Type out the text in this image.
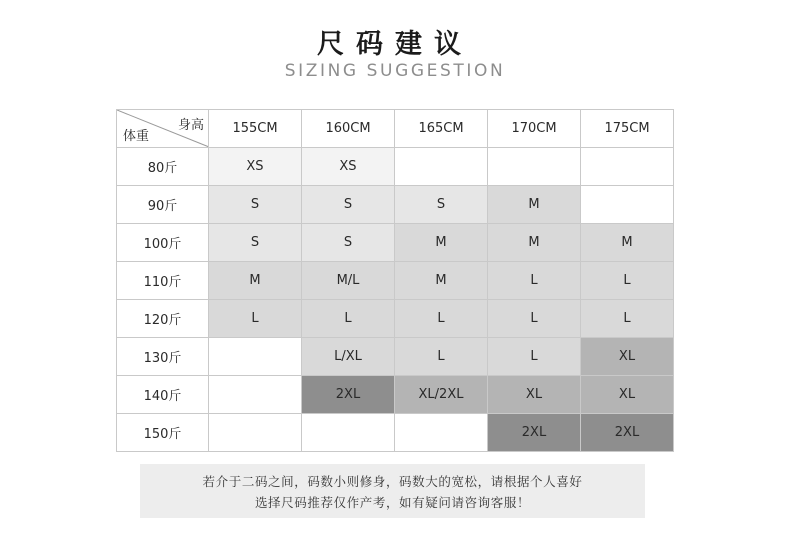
尺码建议
SIZING SUGGESTION
身高
体重	155CM	160CM	165CM	170CM	175CM
80斤	XS	XS			
90斤	S	S	S	M	
100斤	S	S	M	M	M
110斤	M	M/L	M	L	L
120斤	L	L	L	L	L
130斤		L/XL	L	L	XL
140斤		2XL	XL/2XL	XL	XL
150斤				2XL	2XL
若介于二码之间，码数小则修身，码数大的宽松，请根据个人喜好
选择尺码推荐仅作产考，如有疑问请咨询客服！
